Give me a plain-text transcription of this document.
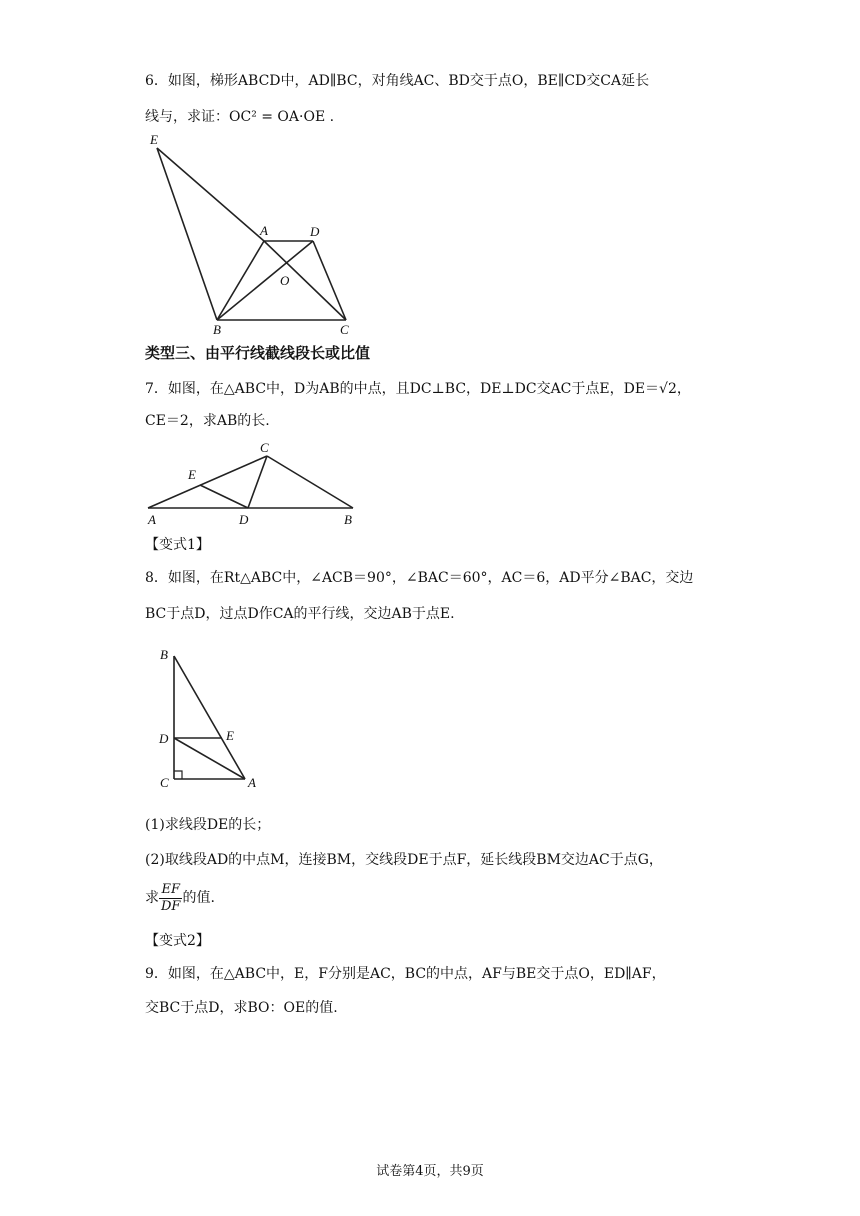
6．如图，梯形ABCD中，AD∥BC，对角线AC、BD交于点O，BE∥CD交CA延长
线与，求证：OC² = OA·OE .
E
A	D
O
B	C
类型三、由平行线截线段长或比值
7．如图，在△ABC中，D为AB的中点，且DC⊥BC，DE⊥DC交AC于点E，DE＝√2，
CE＝2，求AB的长.
C
E
A	D	B
【变式1】
8．如图，在Rt△ABC中，∠ACB＝90°，∠BAC＝60°，AC＝6，AD平分∠BAC，交边
BC于点D，过点D作CA的平行线，交边AB于点E.
B
D	E
C	A
(1)求线段DE的长；
(2)取线段AD的中点M，连接BM，交线段DE于点F，延长线段BM交边AC于点G，
求 $\frac{EF}{DF}$ 的值.
【变式2】
9．如图，在△ABC中，E，F分别是AC，BC的中点，AF与BE交于点O，ED∥AF，
交BC于点D，求BO：OE的值.
试卷第4页，共9页
